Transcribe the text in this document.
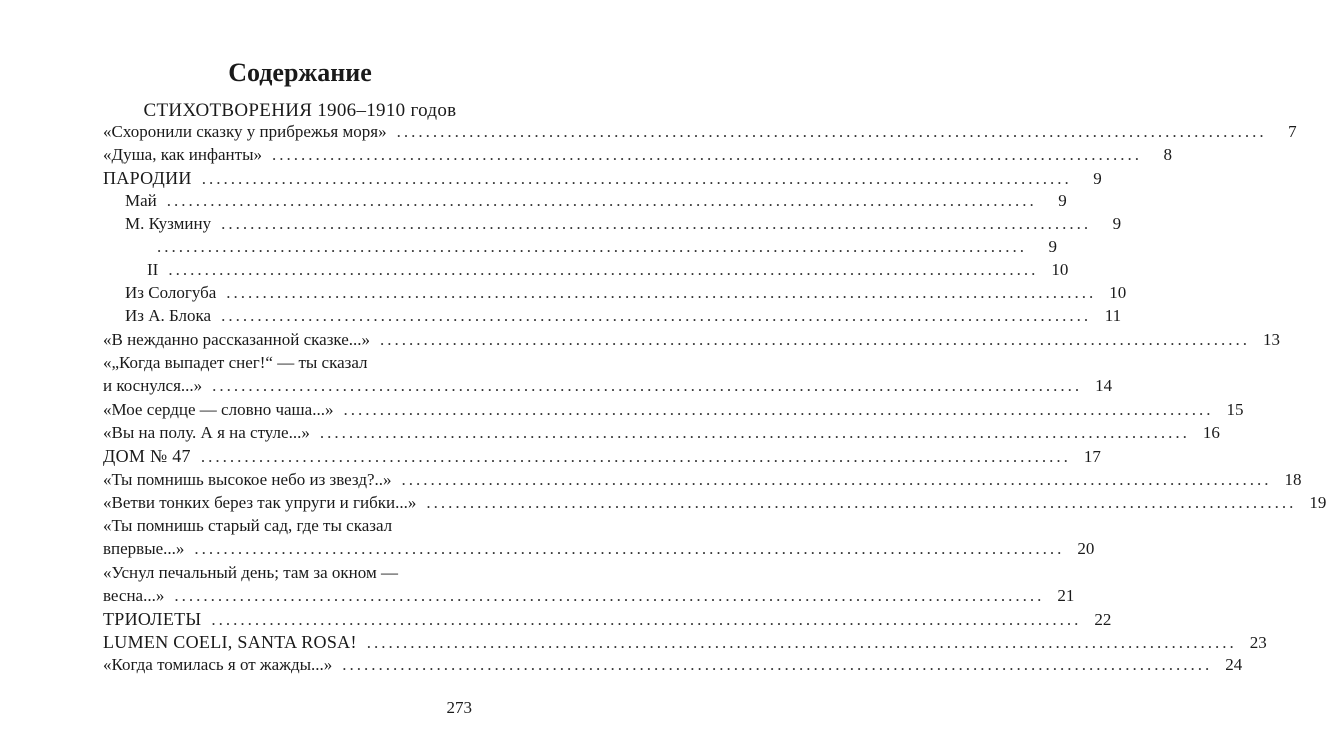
Содержание
СТИХОТВОРЕНИЯ 1906–1910 годов
«Схоронили сказку у прибрежья моря» ........................................................................................................................	7
«Душа, как инфанты» ........................................................................................................................	8
ПАРОДИИ ........................................................................................................................	9
Май ........................................................................................................................	9
М. Кузмину ........................................................................................................................	9
........................................................................................................................	9
II ........................................................................................................................ 10
Из Сологуба ........................................................................................................................ 10
Из А. Блока ........................................................................................................................ 11
«В нежданно рассказанной сказке...» ........................................................................................................................ 13
«„Когда выпадет снег!“ — ты сказал
и коснулся...» ........................................................................................................................ 14
«Мое сердце — словно чаша...» ........................................................................................................................ 15
«Вы на полу. А я на стуле...» ........................................................................................................................ 16
ДОМ № 47 ........................................................................................................................ 17
«Ты помнишь высокое небо из звезд?..» ........................................................................................................................ 18
«Ветви тонких берез так упруги и гибки...» ........................................................................................................................ 19
«Ты помнишь старый сад, где ты сказал
впервые...» ........................................................................................................................ 20
«Уснул печальный день; там за окном —
весна...» ........................................................................................................................ 21
ТРИОЛЕТЫ ........................................................................................................................ 22
LUMEN COELI, SANTA ROSA! ........................................................................................................................ 23
«Когда томилась я от жажды...» ........................................................................................................................ 24
273
